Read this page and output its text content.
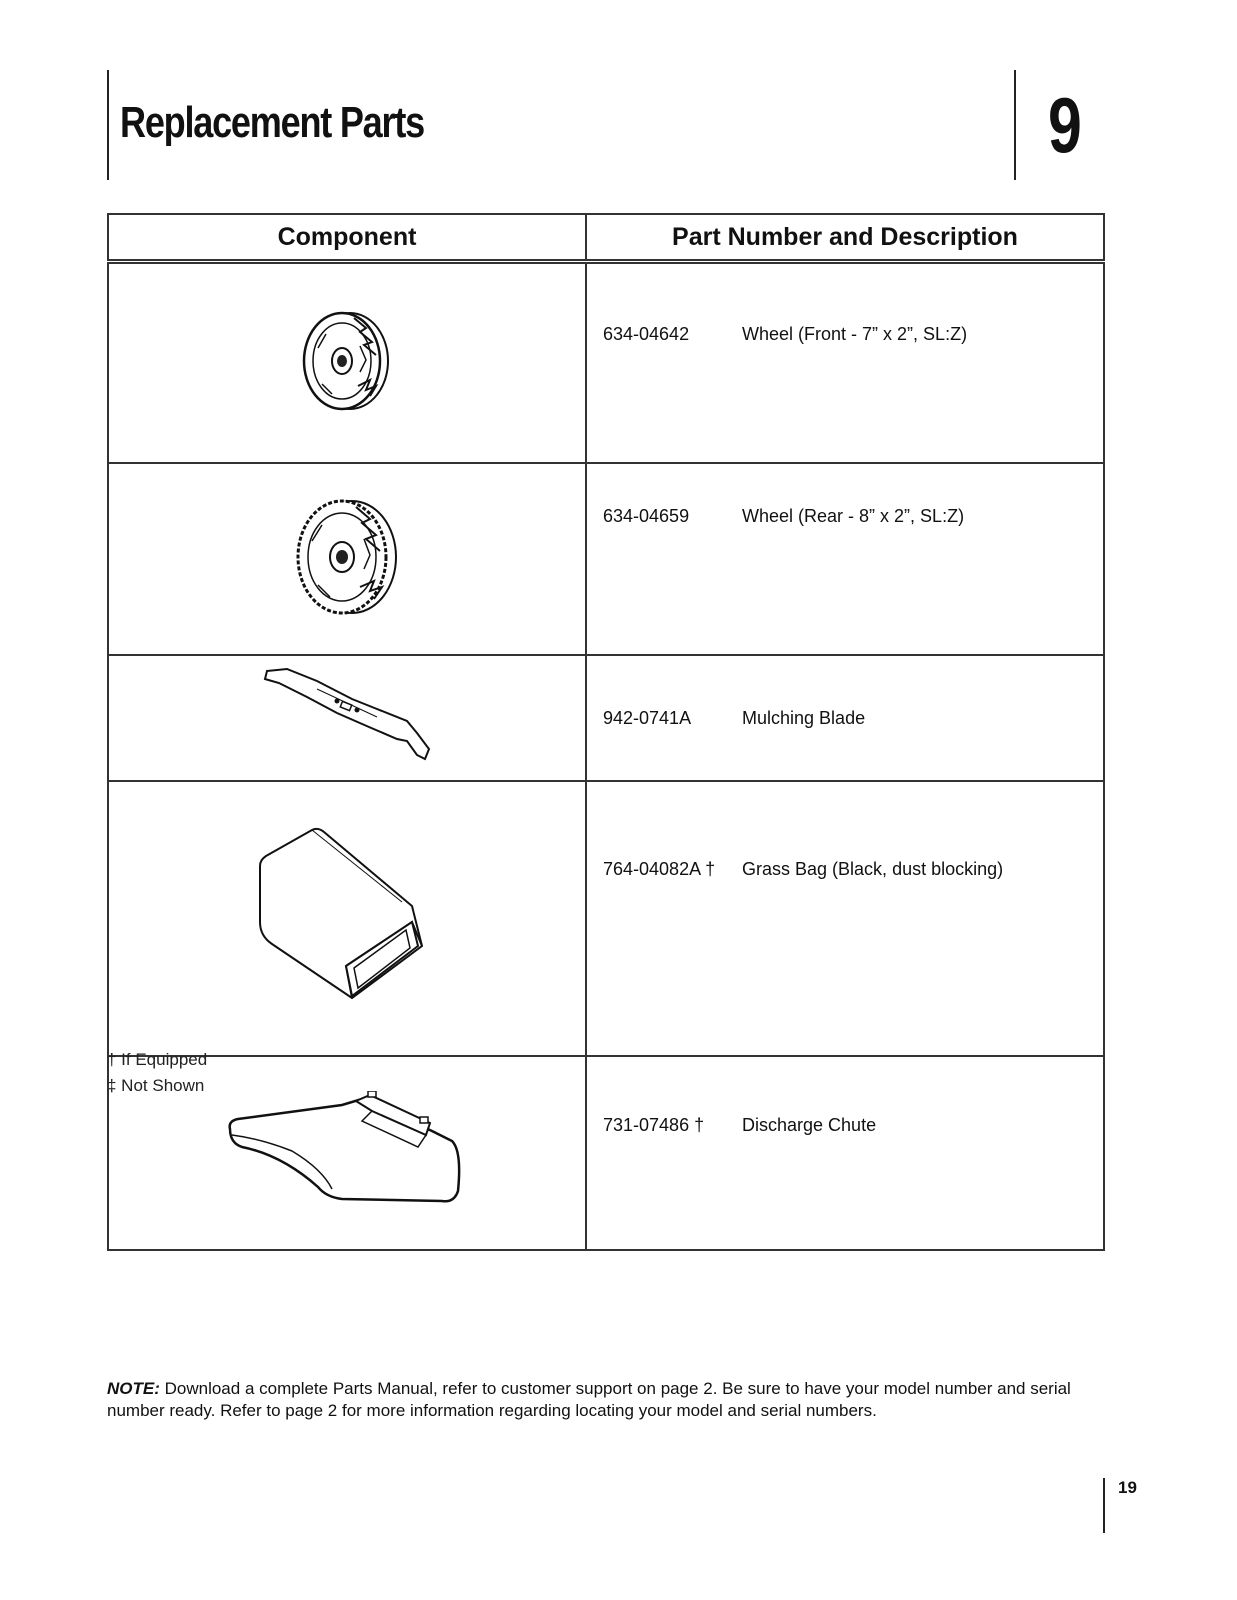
Replacement Parts	9
Component	Part Number and Description
	634-04642 Wheel (Front - 7” x 2”, SL:Z)
	634-04659 Wheel (Rear - 8” x 2”, SL:Z)
	942-0741A Mulching Blade
	764-04082A † Grass Bag (Black, dust blocking)
	731-07486 † Discharge Chute
† If Equipped
‡ Not Shown

NOTE: Download a complete Parts Manual, refer to customer support on page 2. Be sure to have your model number and serial number ready. Refer to page 2 for more information regarding locating your model and serial numbers.

19
